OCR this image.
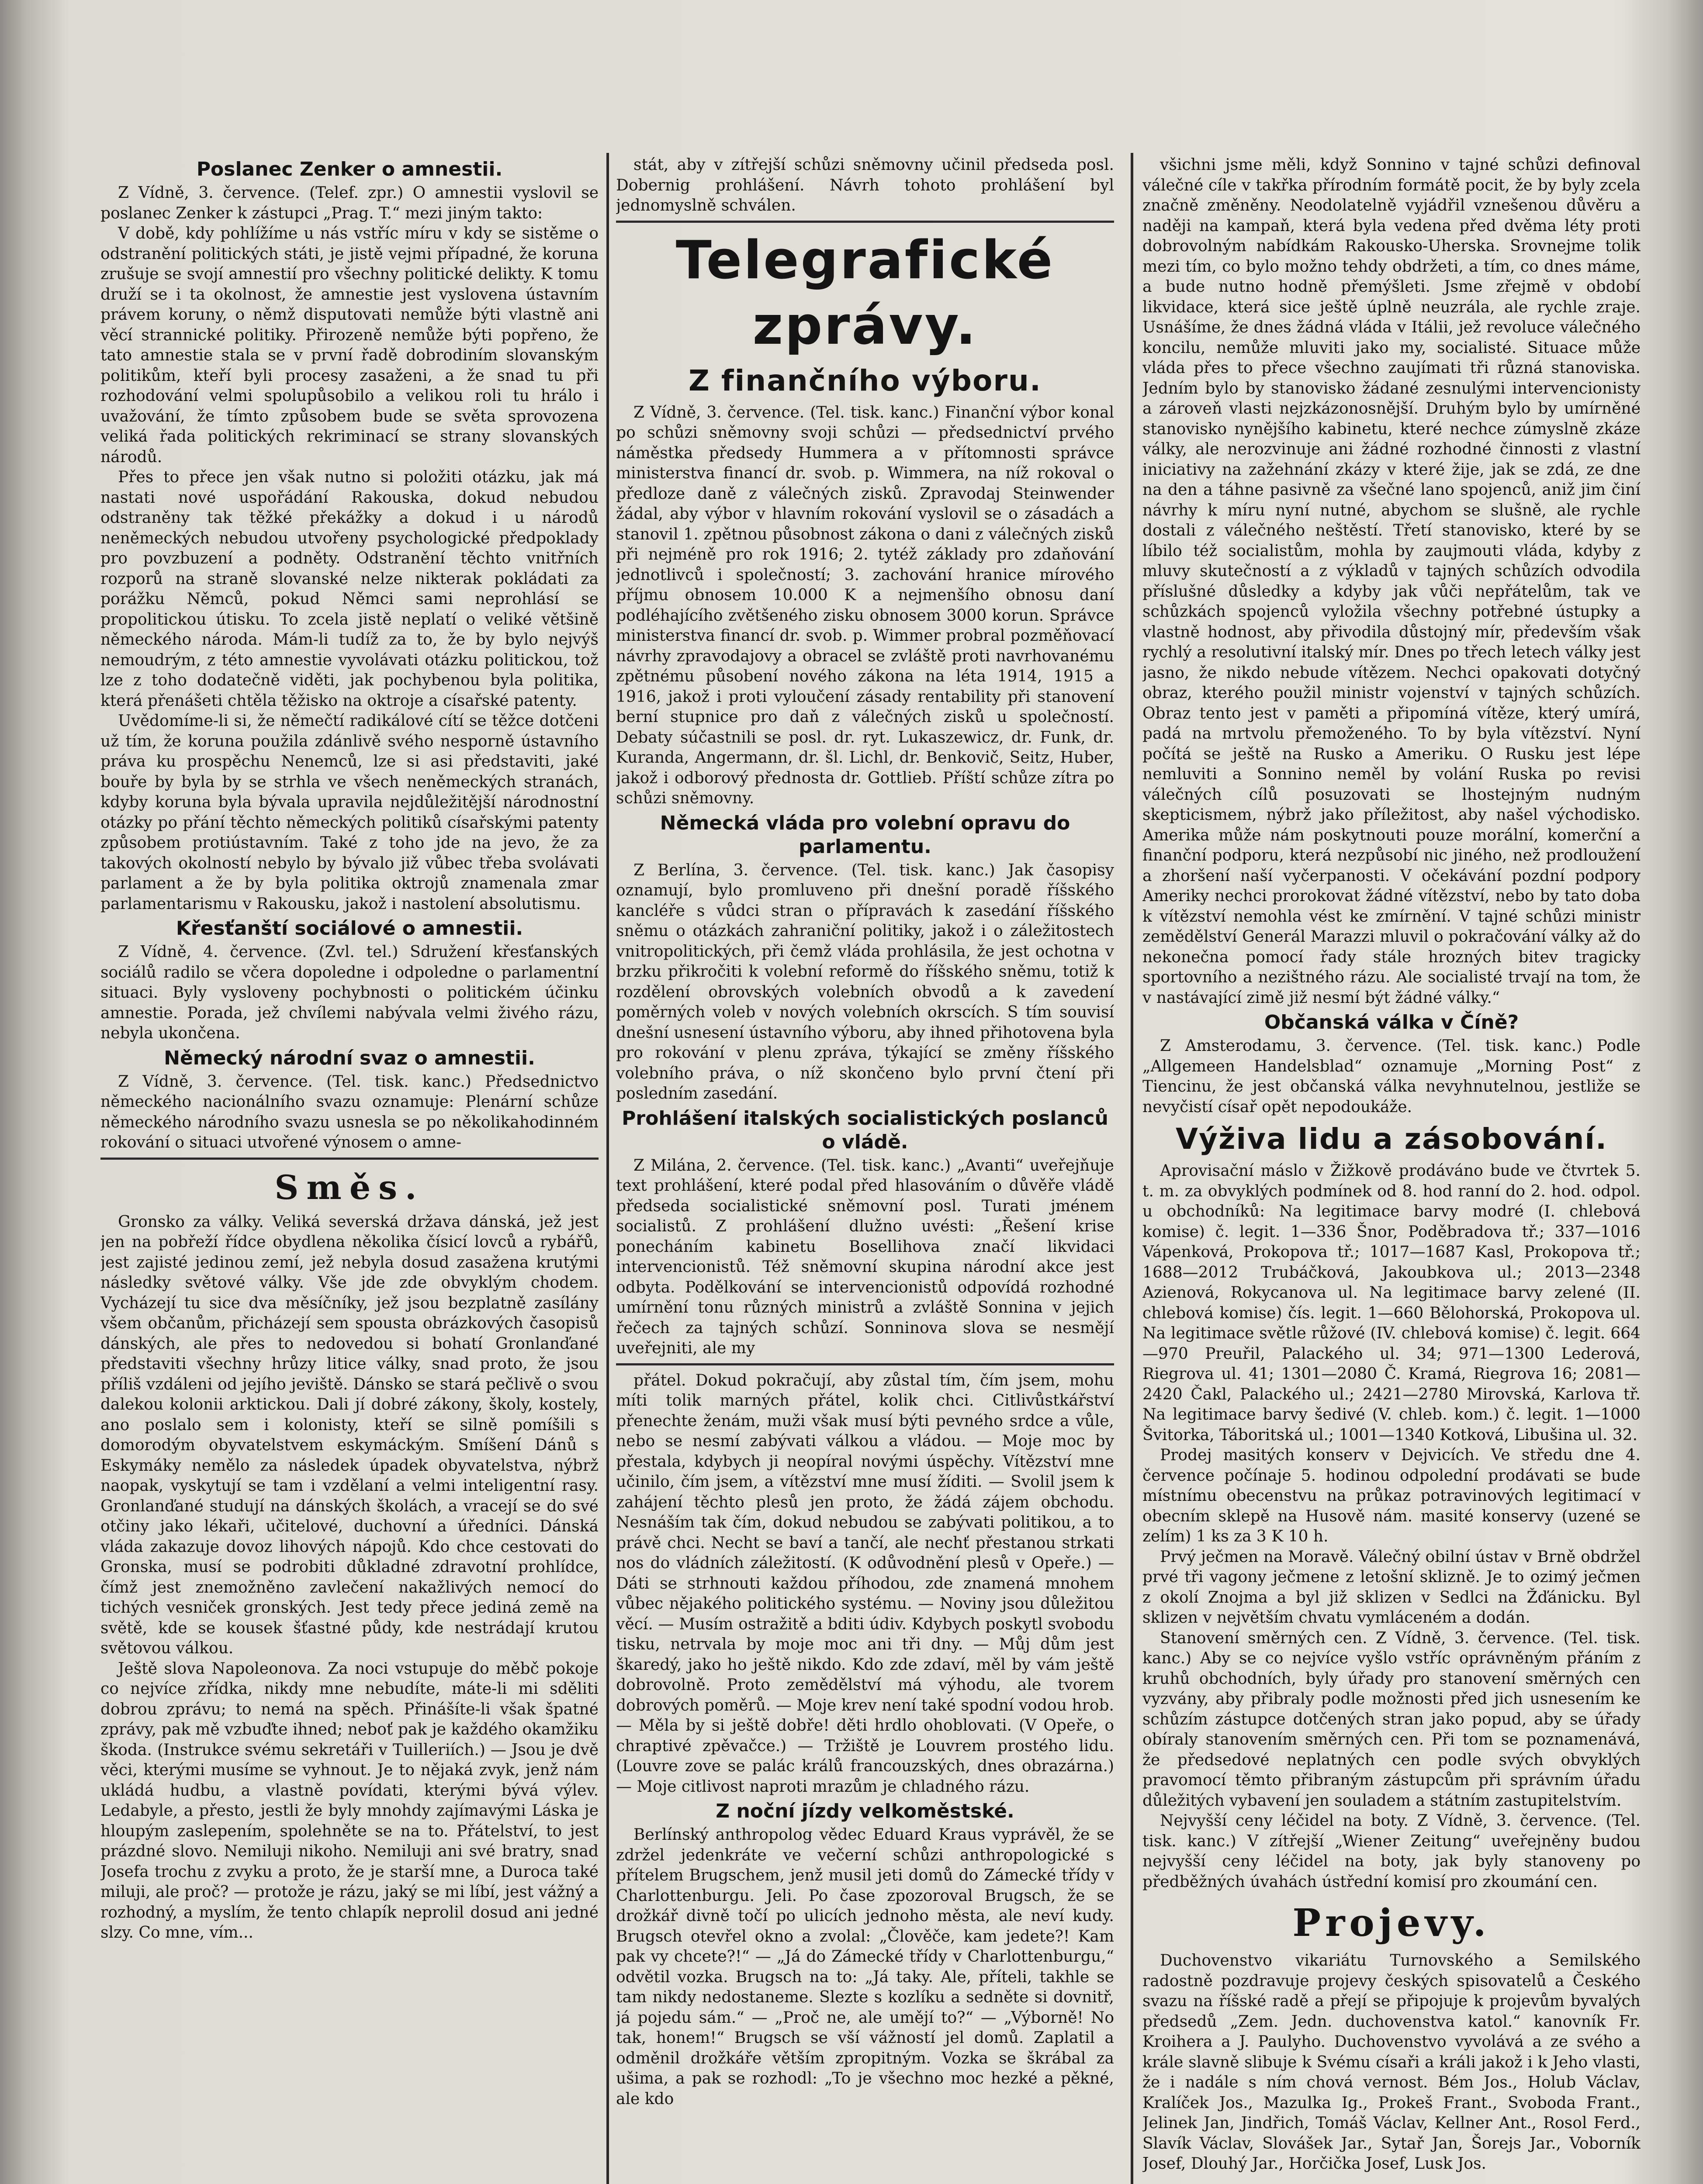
Poslanec Zenker o amnestii.

Z Vídně, 3. července. (Telef. zpr.) O amnestii vyslovil se poslanec Zenker k zástupci „Prag. T.“ mezi jiným takto:

V době, kdy pohlížíme u nás vstříc míru v kdy se sistěme o odstranění politických státi, je jistě vejmi případné, že koruna zrušuje se svojí amnestií pro všechny politické delikty. K tomu druží se i ta okolnost, že amnestie jest vyslovena ústavním právem koruny, o němž disputovati nemůže býti vlastně ani věcí strannické politiky. Přirozeně nemůže býti popřeno, že tato amnestie stala se v první řadě dobrodiním slovanským politikům, kteří byli procesy zasaženi, a že snad tu při rozhodování velmi spolupůsobilo a velikou roli tu hrálo i uvažování, že tímto způsobem bude se světa sprovozena veliká řada politických rekriminací se strany slovanských národů.

Přes to přece jen však nutno si položiti otázku, jak má nastati nové uspořádání Rakouska, dokud nebudou odstraněny tak těžké překážky a dokud i u národů neněmeckých nebudou utvořeny psychologické předpoklady pro povzbuzení a podněty. Odstranění těchto vnitřních rozporů na straně slovanské nelze nikterak pokládati za porážku Němců, pokud Němci sami neprohlásí se propolitickou útisku. To zcela jistě neplatí o veliké většině německého národa. Mám-li tudíž za to, že by bylo nejvýš nemoudrým, z této amnestie vyvolávati otázku politickou, tož lze z toho dodatečně viděti, jak pochybenou byla politika, která přenášeti chtěla těžisko na oktroje a císařské patenty.

Uvědomíme-li si, že němečtí radikálové cítí se těžce dotčeni už tím, že koruna použila zdánlivě svého nesporně ústavního práva ku prospěchu Nenemců, lze si asi představiti, jaké bouře by byla by se strhla ve všech neněmeckých stranách, kdyby koruna byla bývala upravila nejdůležitější národnostní otázky po přání těchto německých politiků císařskými patenty způsobem protiústavním. Také z toho jde na jevo, že za takových okolností nebylo by bývalo již vůbec třeba svolávati parlament a že by byla politika oktrojů znamenala zmar parlamentarismu v Rakousku, jakož i nastolení absolutismu.

Křesťanští sociálové o amnestii.

Z Vídně, 4. července. (Zvl. tel.) Sdružení křesťanských sociálů radilo se včera dopoledne i odpoledne o parlamentní situaci. Byly vysloveny pochybnosti o politickém účinku amnestie. Porada, jež chvílemi nabývala velmi živého rázu, nebyla ukončena.

Německý národní svaz o amnestii.

Z Vídně, 3. července. (Tel. tisk. kanc.) Předsednictvo německého nacionálního svazu oznamuje: Plenární schůze německého národního svazu usnesla se po několikahodinném rokování o situaci utvořené výnosem o amne-

Směs.

Gronsko za války. Veliká severská država dánská, jež jest jen na pobřeží řídce obydlena několika čísicí lovců a rybářů, jest zajisté jedinou zemí, jež nebyla dosud zasažena krutými následky světové války. Vše jde zde obvyklým chodem. Vycházejí tu sice dva měsíčníky, jež jsou bezplatně zasílány všem občanům, přicházejí sem spousta obrázkových časopisů dánských, ale přes to nedovedou si bohatí Gronlanďané představiti všechny hrůzy litice války, snad proto, že jsou příliš vzdáleni od jejího jeviště. Dánsko se stará pečlivě o svou dalekou kolonii arktickou. Dali jí dobré zákony, školy, kostely, ano poslalo sem i kolonisty, kteří se silně pomíšili s domorodým obyvatelstvem eskymáckým. Smíšení Dánů s Eskymáky nemělo za následek úpadek obyvatelstva, nýbrž naopak, vyskytují se tam i vzdělaní a velmi inteligentní rasy. Gronlanďané studují na dánských školách, a vracejí se do své otčiny jako lékaři, učitelové, duchovní a úředníci. Dánská vláda zakazuje dovoz lihových nápojů. Kdo chce cestovati do Gronska, musí se podrobiti důkladné zdravotní prohlídce, čímž jest znemožněno zavlečení nakažlivých nemocí do tichých vesniček gronských. Jest tedy přece jediná země na světě, kde se kousek šťastné půdy, kde nestrádají krutou světovou válkou.

Ještě slova Napoleonova. Za noci vstupuje do měbč pokoje co nejvíce zřídka, nikdy mne nebudíte, máte-li mi sděliti dobrou zprávu; to nemá na spěch. Přinášíte-li však špatné zprávy, pak mě vzbuďte ihned; neboť pak je každého okamžiku škoda. (Instrukce svému sekretáři v Tuilleriích.) — Jsou je dvě věci, kterými musíme se vyhnout. Je to nějaká zvyk, jenž nám ukládá hudbu, a vlastně povídati, kterými bývá výlev. Ledabyle, a přesto, jestli že byly mnohdy zajímavými Láska je hloupým zaslepením, spolehněte se na to. Přátelství, to jest prázdné slovo. Nemiluji nikoho. Nemiluji ani své bratry, snad Josefa trochu z zvyku a proto, že je starší mne, a Duroca také miluji, ale proč? — protože je rázu, jaký se mi líbí, jest vážný a rozhodný, a myslím, že tento chlapík neprolil dosud ani jedné slzy. Co mne, vím...

stát, aby v zítřejší schůzi sněmovny učinil předseda posl. Dobernig prohlášení. Návrh tohoto prohlášení byl jednomyslně schválen.

Telegrafické zprávy.
Z finančního výboru.

Z Vídně, 3. července. (Tel. tisk. kanc.) Finanční výbor konal po schůzi sněmovny svoji schůzi — předsednictví prvého náměstka předsedy Hummera a v přítomnosti správce ministerstva financí dr. svob. p. Wimmera, na níž rokoval o předloze daně z válečných zisků. Zpravodaj Steinwender žádal, aby výbor v hlavním rokování vyslovil se o zásadách a stanovil 1. zpětnou působnost zákona o dani z válečných zisků při nejméně pro rok 1916; 2. tytéž základy pro zdaňování jednotlivců i společností; 3. zachování hranice mírového příjmu obnosem 10.000 K a nejmenšího obnosu daní podléhajícího zvětšeného zisku obnosem 3000 korun. Správce ministerstva financí dr. svob. p. Wimmer probral pozměňovací návrhy zpravodajovy a obracel se zvláště proti navrhovanému zpětnému působení nového zákona na léta 1914, 1915 a 1916, jakož i proti vyloučení zásady rentability při stanovení berní stupnice pro daň z válečných zisků u společností. Debaty súčastnili se posl. dr. ryt. Lukaszewicz, dr. Funk, dr. Kuranda, Angermann, dr. šl. Lichl, dr. Benkovič, Seitz, Huber, jakož i odborový přednosta dr. Gottlieb. Příští schůze zítra po schůzi sněmovny.

Německá vláda pro volební opravu do parlamentu.

Z Berlína, 3. července. (Tel. tisk. kanc.) Jak časopisy oznamují, bylo promluveno při dnešní poradě říšského kancléře s vůdci stran o přípravách k zasedání říšského sněmu o otázkách zahraniční politiky, jakož i o záležitostech vnitropolitických, při čemž vláda prohlásila, že jest ochotna v brzku přikročiti k volební reformě do říšského sněmu, totiž k rozdělení obrovských volebních obvodů a k zavedení poměrných voleb v nových volebních okrscích. S tím souvisí dnešní usnesení ústavního výboru, aby ihned přihotovena byla pro rokování v plenu zpráva, týkající se změny říšského volebního práva, o níž skončeno bylo první čtení při posledním zasedání.

Prohlášení italských socialistických poslanců o vládě.

Z Milána, 2. července. (Tel. tisk. kanc.) „Avanti“ uveřejňuje text prohlášení, které podal před hlasováním o důvěře vládě předseda socialistické sněmovní posl. Turati jménem socialistů. Z prohlášení dlužno uvésti: „Řešení krise ponecháním kabinetu Bosellihova značí likvidaci intervencionistů. Též sněmovní skupina národní akce jest odbyta. Podělkování se intervencionistů odpovídá rozhodné umírnění tonu různých ministrů a zvláště Sonnina v jejich řečech za tajných schůzí. Sonninova slova se nesmějí uveřejniti, ale my

přátel. Dokud pokračují, aby zůstal tím, čím jsem, mohu míti tolik marných přátel, kolik chci. Citlivůstkářství přenechte ženám, muži však musí býti pevného srdce a vůle, nebo se nesmí zabývati válkou a vládou. — Moje moc by přestala, kdybych ji neopíral novými úspěchy. Vítězství mne učinilo, čím jsem, a vítězství mne musí žíditi. — Svolil jsem k zahájení těchto plesů jen proto, že žádá zájem obchodu. Nesnáším tak čím, dokud nebudou se zabývati politikou, a to právě chci. Necht se baví a tančí, ale nechť přestanou strkati nos do vládních záležitostí. (K odůvodnění plesů v Opeře.) — Dáti se strhnouti každou příhodou, zde znamená mnohem vůbec nějakého politického systému. — Noviny jsou důležitou věcí. — Musím ostražitě a bditi údiv. Kdybych poskytl svobodu tisku, netrvala by moje moc ani tři dny. — Můj dům jest škaredý, jako ho ještě nikdo. Kdo zde zdaví, měl by vám ještě dobrovolně. Proto zemědělství má výhodu, ale tvorem dobrových poměrů. — Moje krev není také spodní vodou hrob. — Měla by si ještě dobře! děti hrdlo ohoblovati. (V Opeře, o chraptivé zpěvačce.) — Tržiště je Louvrem prostého lidu. (Louvre zove se palác králů francouzských, dnes obrazárna.) — Moje citlivost naproti mrazům je chladného rázu.

Z noční jízdy velkoměstské.

Berlínský anthropolog vědec Eduard Kraus vyprávěl, že se zdržel jedenkráte ve večerní schůzi anthropologické s přítelem Brugschem, jenž musil jeti domů do Zámecké třídy v Charlottenburgu. Jeli. Po čase zpozoroval Brugsch, že se drožkář divně točí po ulicích jednoho města, ale neví kudy. Brugsch otevřel okno a zvolal: „Člověče, kam jedete?! Kam pak vy chcete?!“ — „Já do Zámecké třídy v Charlottenburgu,“ odvětil vozka. Brugsch na to: „Já taky. Ale, příteli, takhle se tam nikdy nedostaneme. Slezte s kozlíku a sedněte si dovnitř, já pojedu sám.“ — „Proč ne, ale umějí to?“ — „Výborně! No tak, honem!“ Brugsch se vší vážností jel domů. Zaplatil a odměnil drožkáře větším zpropitným. Vozka se škrábal za ušima, a pak se rozhodl: „To je všechno moc hezké a pěkné, ale kdo

všichni jsme měli, když Sonnino v tajné schůzi definoval válečné cíle v takřka přírodním formátě pocit, že by byly zcela značně změněny. Neodolatelně vyjádřil vznešenou důvěru a naději na kampaň, která byla vedena před dvěma léty proti dobrovolným nabídkám Rakousko-Uherska. Srovnejme tolik mezi tím, co bylo možno tehdy obdržeti, a tím, co dnes máme, a bude nutno hodně přemýšleti. Jsme zřejmě v období likvidace, která sice ještě úplně neuzrála, ale rychle zraje. Usnášíme, že dnes žádná vláda v Itálii, jež revoluce válečného koncilu, nemůže mluviti jako my, socialisté. Situace může vláda přes to přece všechno zaujímati tři různá stanoviska. Jedním bylo by stanovisko žádané zesnulými intervencionisty a zároveň vlasti nejzkázonosnější. Druhým bylo by umírněné stanovisko nynějšího kabinetu, které nechce zúmyslně zkáze války, ale nerozvinuje ani žádné rozhodné činnosti z vlastní iniciativy na zažehnání zkázy v které žije, jak se zdá, ze dne na den a táhne pasivně za všečné lano spojenců, aniž jim činí návrhy k míru nyní nutné, abychom se slušně, ale rychle dostali z válečného neštěstí. Třetí stanovisko, které by se líbilo též socialistům, mohla by zaujmouti vláda, kdyby z mluvy skutečností a z výkladů v tajných schůzích odvodila příslušné důsledky a kdyby jak vůči nepřátelům, tak ve schůzkách spojenců vyložila všechny potřebné ústupky a vlastně hodnost, aby přivodila důstojný mír, především však rychlý a resolutivní italský mír. Dnes po třech letech války jest jasno, že nikdo nebude vítězem. Nechci opakovati dotyčný obraz, kterého použil ministr vojenství v tajných schůzích. Obraz tento jest v paměti a připomíná vítěze, který umírá, padá na mrtvolu přemoženého. To by byla vítězství. Nyní počítá se ještě na Rusko a Ameriku. O Rusku jest lépe nemluviti a Sonnino neměl by volání Ruska po revisi válečných cílů posuzovati se lhostejným nudným skepticismem, nýbrž jako příležitost, aby našel východisko. Amerika může nám poskytnouti pouze morální, komerční a finanční podporu, která nezpůsobí nic jiného, než prodloužení a zhoršení naší vyčerpanosti. V očekávání pozdní podpory Ameriky nechci prorokovat žádné vítězství, nebo by tato doba k vítězství nemohla vést ke zmírnění. V tajné schůzi ministr zemědělství Generál Marazzi mluvil o pokračování války až do nekonečna pomocí řady stále hrozných bitev tragicky sportovního a nezištného rázu. Ale socialisté trvají na tom, že v nastávající zimě již nesmí být žádné války.“

Občanská válka v Číně?

Z Amsterodamu, 3. července. (Tel. tisk. kanc.) Podle „Allgemeen Handelsblad“ oznamuje „Morning Post“ z Tiencinu, že jest občanská válka nevyhnutelnou, jestliže se nevyčistí císař opět nepodoukáže.

Výživa lidu a zásobování.

Aprovisační máslo v Žižkově prodáváno bude ve čtvrtek 5. t. m. za obvyklých podmínek od 8. hod ranní do 2. hod. odpol. u obchodníků: Na legitimace barvy modré (I. chlebová komise) č. legit. 1—336 Šnor, Poděbradova tř.; 337—1016 Vápenková, Prokopova tř.; 1017—1687 Kasl, Prokopova tř.; 1688—2012 Trubáčková, Jakoubkova ul.; 2013—2348 Azienová, Rokycanova ul. Na legitimace barvy zelené (II. chlebová komise) čís. legit. 1—660 Bělohorská, Prokopova ul. Na legitimace světle růžové (IV. chlebová komise) č. legit. 664—970 Preuřil, Palackého ul. 34; 971—1300 Lederová, Riegrova ul. 41; 1301—2080 Č. Kramá, Riegrova 16; 2081—2420 Čakl, Palackého ul.; 2421—2780 Mirovská, Karlova tř. Na legitimace barvy šedivé (V. chleb. kom.) č. legit. 1—1000 Švitorka, Táboritská ul.; 1001—1340 Kotková, Libušina ul. 32.

Prodej masitých konserv v Dejvicích. Ve středu dne 4. července počínaje 5. hodinou odpolední prodávati se bude místnímu obecenstvu na průkaz potravinových legitimací v obecním sklepě na Husově nám. masité konservy (uzené se zelím) 1 ks za 3 K 10 h.

Prvý ječmen na Moravě. Válečný obilní ústav v Brně obdržel prvé tři vagony ječmene z letošní sklizně. Je to ozimý ječmen z okolí Znojma a byl již sklizen v Sedlci na Žďánicku. Byl sklizen v největším chvatu vymláceném a dodán.

Stanovení směrných cen. Z Vídně, 3. července. (Tel. tisk. kanc.) Aby se co nejvíce vyšlo vstříc oprávněným přáním z kruhů obchodních, byly úřady pro stanovení směrných cen vyzvány, aby přibraly podle možnosti před jich usnesením ke schůzím zástupce dotčených stran jako popud, aby se úřady obíraly stanovením směrných cen. Při tom se poznamenává, že předsedové neplatných cen podle svých obvyklých pravomocí těmto přibraným zástupcům při správním úřadu důležitých vybavení jen souladem a státním zastupitelstvím.

Nejvyšší ceny léčidel na boty. Z Vídně, 3. července. (Tel. tisk. kanc.) V zítřejší „Wiener Zeitung“ uveřejněny budou nejvyšší ceny léčidel na boty, jak byly stanoveny po předběžných úvahách ústřední komisí pro zkoumání cen.

Projevy.

Duchovenstvo vikariátu Turnovského a Semilského radostně pozdravuje projevy českých spisovatelů a Českého svazu na říšské radě a přejí se připojuje k projevům byvalých předsedů „Zem. Jedn. duchovenstva katol.“ kanovník Fr. Kroihera a J. Paulyho. Duchovenstvo vyvolává a ze svého a krále slavně slibuje k Svému císaři a králi jakož i k Jeho vlasti, že i nadále s ním chová vernost. Bém Jos., Holub Václav, Kralíček Jos., Mazulka Ig., Prokeš Frant., Svoboda Frant., Jelinek Jan, Jindřich, Tomáš Václav, Kellner Ant., Rosol Ferd., Slavík Václav, Slovášek Jar., Sytař Jan, Šorejs Jar., Voborník Josef, Dlouhý Jar., Horčička Josef, Lusk Jos.
